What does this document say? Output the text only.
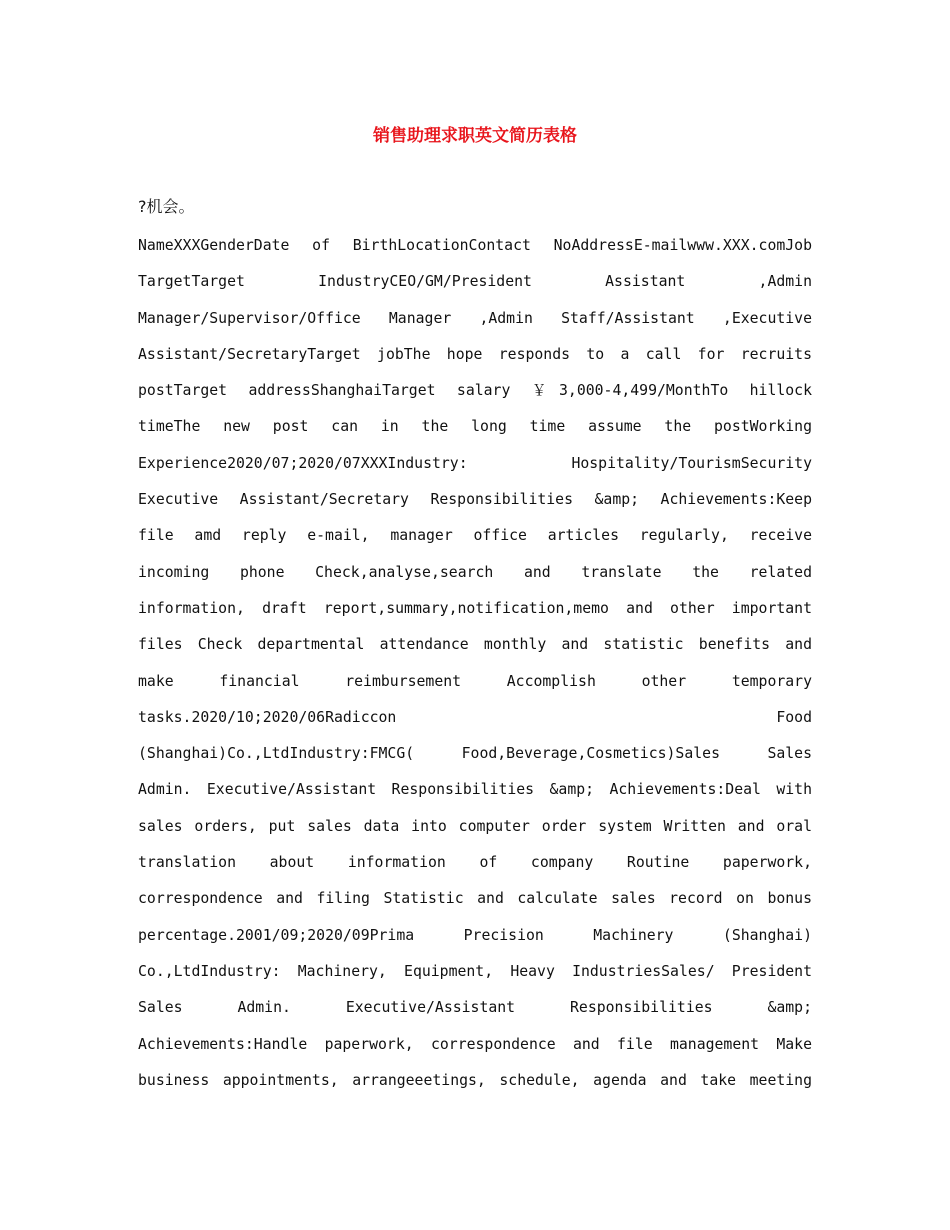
销售助理求职英文简历表格

?机会。

NameXXXGenderDate of BirthLocationContact NoAddressE-mailwww.XXX.comJob
TargetTarget IndustryCEO/GM/President Assistant ,Admin
Manager/Supervisor/Office Manager ,Admin Staff/Assistant ,Executive
Assistant/SecretaryTarget jobThe hope responds to a call for recruits
postTarget addressShanghaiTarget salary ￥3,000-4,499/MonthTo hillock
timeThe new post can in the long time assume the postWorking
Experience2020/07;2020/07XXXIndustry: Hospitality/TourismSecurity
Executive Assistant/Secretary Responsibilities &amp; Achievements:Keep
file amd reply e-mail, manager office articles regularly, receive
incoming phone Check,analyse,search and translate the related
information, draft report,summary,notification,memo and other important
files Check departmental attendance monthly and statistic benefits and
make financial reimbursement Accomplish other temporary
tasks.2020/10;2020/06Radiccon Food
(Shanghai)Co.,LtdIndustry:FMCG( Food,Beverage,Cosmetics)Sales Sales
Admin. Executive/Assistant Responsibilities &amp; Achievements:Deal with
sales orders, put sales data into computer order system Written and oral
translation about information of company Routine paperwork,
correspondence and filing Statistic and calculate sales record on bonus
percentage.2001/09;2020/09Prima Precision Machinery (Shanghai)
Co.,LtdIndustry: Machinery, Equipment, Heavy IndustriesSales/ President
Sales Admin. Executive/Assistant Responsibilities &amp;
Achievements:Handle paperwork, correspondence and file management Make
business appointments, arrangeeetings, schedule, agenda and take meeting
